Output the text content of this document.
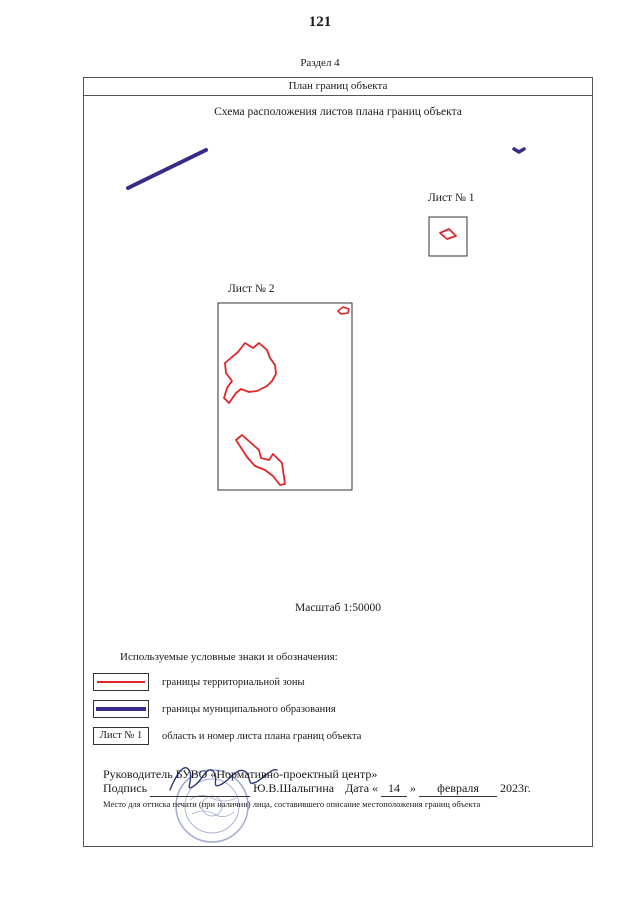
121
Раздел 4
План границ объекта
Схема расположения листов плана границ объекта
Лист № 1
Лист № 2
Масштаб 1:50000
Используемые условные знаки и обозначения:
границы территориальной зоны
границы муниципального образования
Лист № 1	область и номер листа плана границ объекта
Руководитель БУВО «Нормативно-проектный центр»
Подпись	Ю.В.Шалыгина Дата « 14 » февраля 2023г.
Место для оттиска печати (при наличии) лица, составившего описание местоположения границ объекта
